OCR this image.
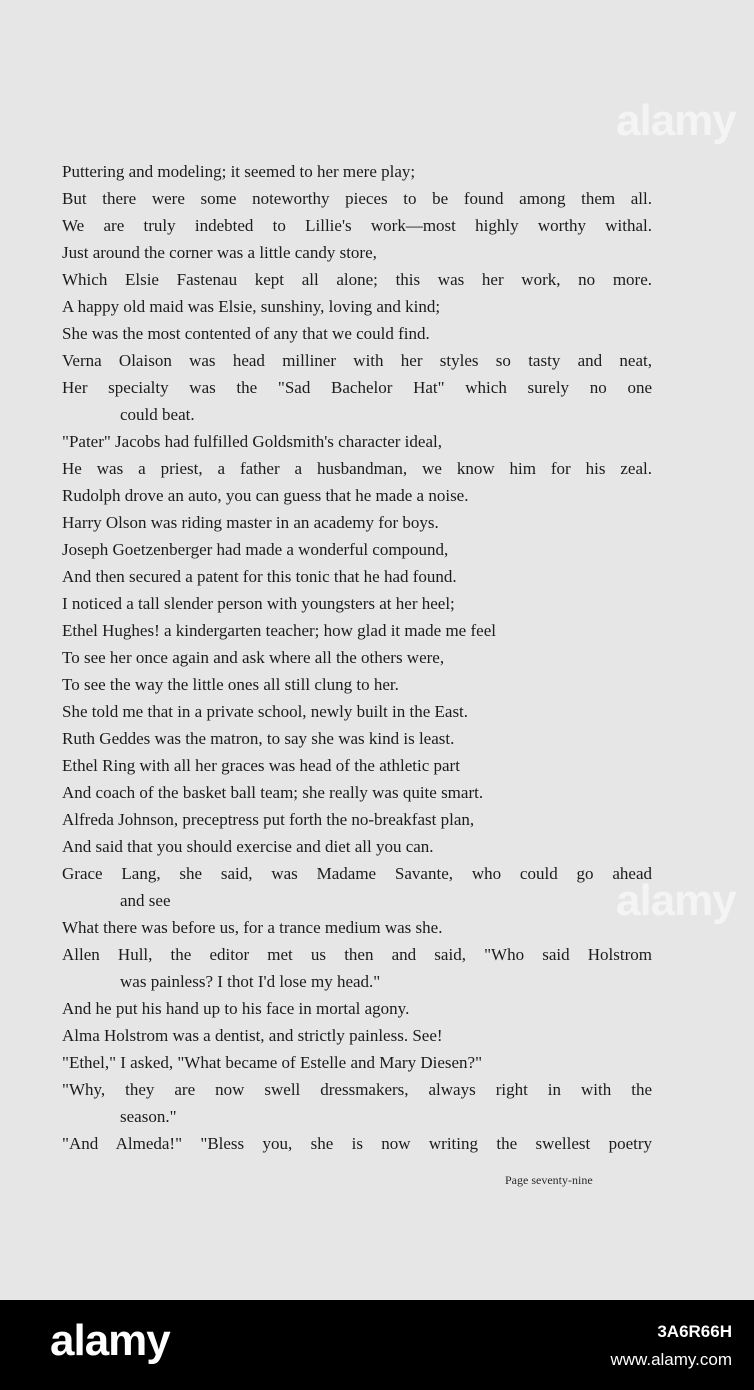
alamy
alamy
Puttering and modeling; it seemed to her mere play;
But there were some noteworthy pieces to be found among them all.
We are truly indebted to Lillie's work—most highly worthy withal.
Just around the corner was a little candy store,
Which Elsie Fastenau kept all alone; this was her work, no more.
A happy old maid was Elsie, sunshiny, loving and kind;
She was the most contented of any that we could find.
Verna Olaison was head milliner with her styles so tasty and neat,
Her specialty was the "Sad Bachelor Hat" which surely no one
could beat.
"Pater" Jacobs had fulfilled Goldsmith's character ideal,
He was a priest, a father a husbandman, we know him for his zeal.
Rudolph drove an auto, you can guess that he made a noise.
Harry Olson was riding master in an academy for boys.
Joseph Goetzenberger had made a wonderful compound,
And then secured a patent for this tonic that he had found.
I noticed a tall slender person with youngsters at her heel;
Ethel Hughes! a kindergarten teacher; how glad it made me feel
To see her once again and ask where all the others were,
To see the way the little ones all still clung to her.
She told me that in a private school, newly built in the East.
Ruth Geddes was the matron, to say she was kind is least.
Ethel Ring with all her graces was head of the athletic part
And coach of the basket ball team; she really was quite smart.
Alfreda Johnson, preceptress put forth the no-breakfast plan,
And said that you should exercise and diet all you can.
Grace Lang, she said, was Madame Savante, who could go ahead
and see
What there was before us, for a trance medium was she.
Allen Hull, the editor met us then and said, "Who said Holstrom
was painless? I thot I'd lose my head."
And he put his hand up to his face in mortal agony.
Alma Holstrom was a dentist, and strictly painless. See!
"Ethel," I asked, "What became of Estelle and Mary Diesen?"
"Why, they are now swell dressmakers, always right in with the
season."
"And Almeda!" "Bless you, she is now writing the swellest poetry
Page seventy-nine
alamy	3A6R66H
www.alamy.com
